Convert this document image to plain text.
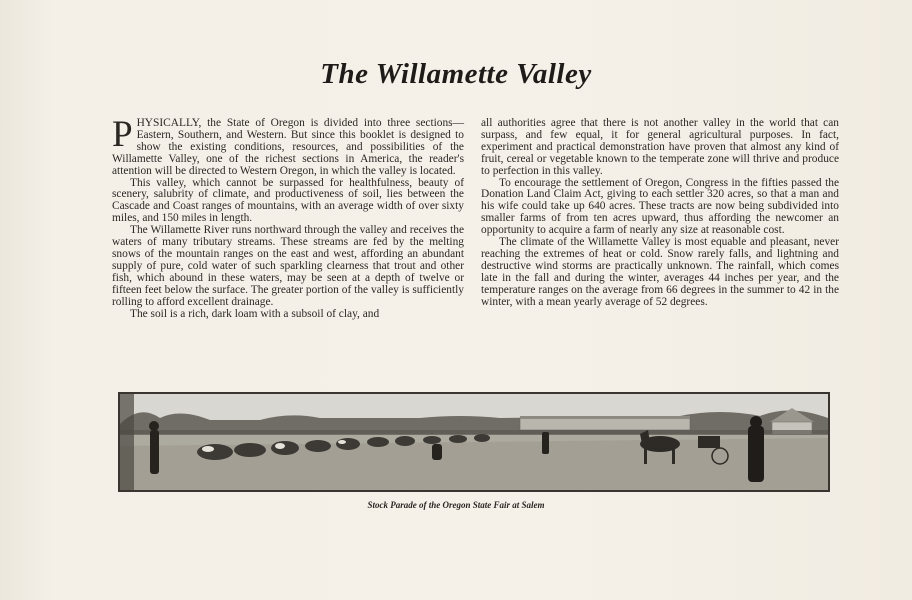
The Willamette Valley

PHYSICALLY, the State of Oregon is divided into three sections—Eastern, Southern, and Western. But since this booklet is designed to show the existing conditions, resources, and possibilities of the Willamette Valley, one of the richest sections in America, the reader's attention will be directed to Western Oregon, in which the valley is located.

This valley, which cannot be surpassed for healthfulness, beauty of scenery, salubrity of climate, and productiveness of soil, lies between the Cascade and Coast ranges of mountains, with an average width of over sixty miles, and 150 miles in length.

The Willamette River runs northward through the valley and receives the waters of many tributary streams. These streams are fed by the melting snows of the mountain ranges on the east and west, affording an abundant supply of pure, cold water of such sparkling clearness that trout and other fish, which abound in these waters, may be seen at a depth of twelve or fifteen feet below the surface. The greater portion of the valley is sufficiently rolling to afford excellent drainage.

The soil is a rich, dark loam with a subsoil of clay, and

all authorities agree that there is not another valley in the world that can surpass, and few equal, it for general agricultural purposes. In fact, experiment and practical demonstration have proven that almost any kind of fruit, cereal or vegetable known to the temperate zone will thrive and produce to perfection in this valley.

To encourage the settlement of Oregon, Congress in the fifties passed the Donation Land Claim Act, giving to each settler 320 acres, so that a man and his wife could take up 640 acres. These tracts are now being subdivided into smaller farms of from ten acres upward, thus affording the newcomer an opportunity to acquire a farm of nearly any size at reasonable cost.

The climate of the Willamette Valley is most equable and pleasant, never reaching the extremes of heat or cold. Snow rarely falls, and lightning and destructive wind storms are practically unknown. The rainfall, which comes late in the fall and during the winter, averages 44 inches per year, and the temperature ranges on the average from 66 degrees in the summer to 42 in the winter, with a mean yearly average of 52 degrees.

Stock Parade of the Oregon State Fair at Salem
